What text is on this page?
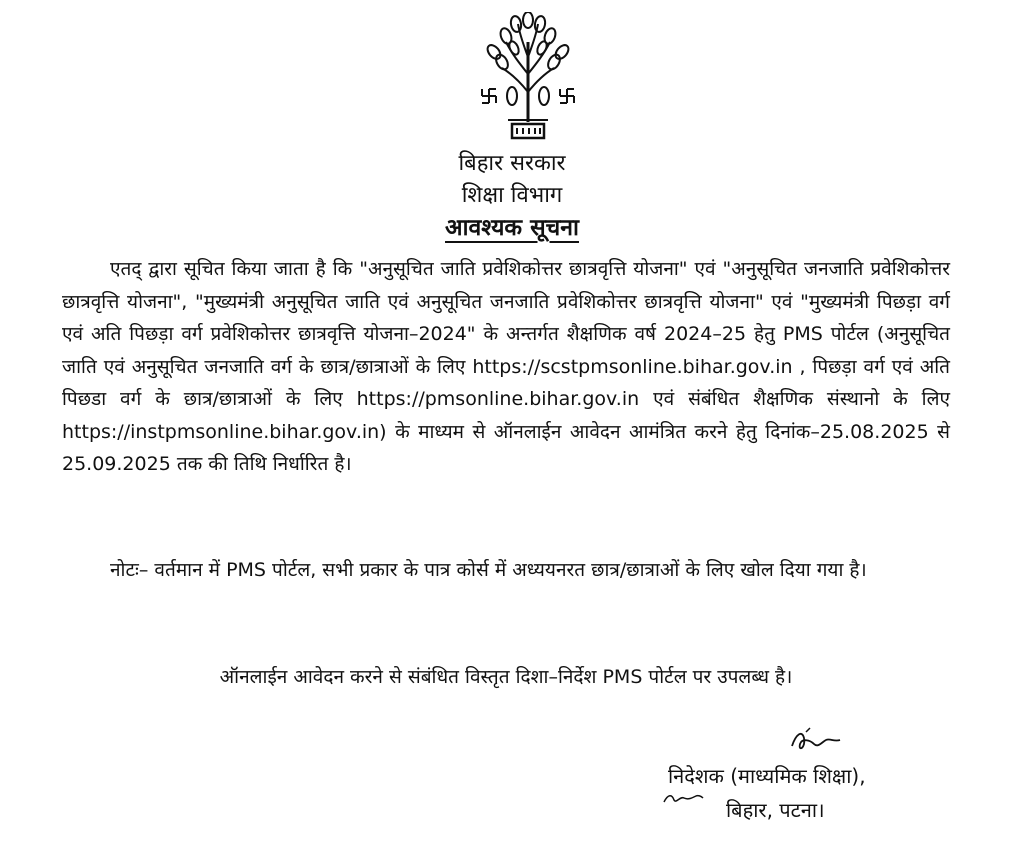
बिहार सरकार
शिक्षा विभाग
आवश्यक सूचना
एतद् द्वारा सूचित किया जाता है कि "अनुसूचित जाति प्रवेशिकोत्तर छात्रवृत्ति योजना" एवं "अनुसूचित जनजाति प्रवेशिकोत्तर छात्रवृत्ति योजना", "मुख्यमंत्री अनुसूचित जाति एवं अनुसूचित जनजाति प्रवेशिकोत्तर छात्रवृत्ति योजना" एवं "मुख्यमंत्री पिछड़ा वर्ग एवं अति पिछड़ा वर्ग प्रवेशिकोत्तर छात्रवृत्ति योजना–2024" के अन्तर्गत शैक्षणिक वर्ष 2024–25 हेतु PMS पोर्टल (अनुसूचित जाति एवं अनुसूचित जनजाति वर्ग के छात्र/छात्राओं के लिए https://scstpmsonline.bihar.gov.in , पिछड़ा वर्ग एवं अति पिछडा वर्ग के छात्र/छात्राओं के लिए https://pmsonline.bihar.gov.in एवं संबंधित शैक्षणिक संस्थानो के लिए https://instpmsonline.bihar.gov.in) के माध्यम से ऑनलाईन आवेदन आमंत्रित करने हेतु दिनांक–25.08.2025 से 25.09.2025 तक की तिथि निर्धारित है।
नोटः– वर्तमान में PMS पोर्टल, सभी प्रकार के पात्र कोर्स में अध्ययनरत छात्र/छात्राओं के लिए खोल दिया गया है।
ऑनलाईन आवेदन करने से संबंधित विस्तृत दिशा–निर्देश PMS पोर्टल पर उपलब्ध है।
निदेशक (माध्यमिक शिक्षा),
बिहार, पटना।
